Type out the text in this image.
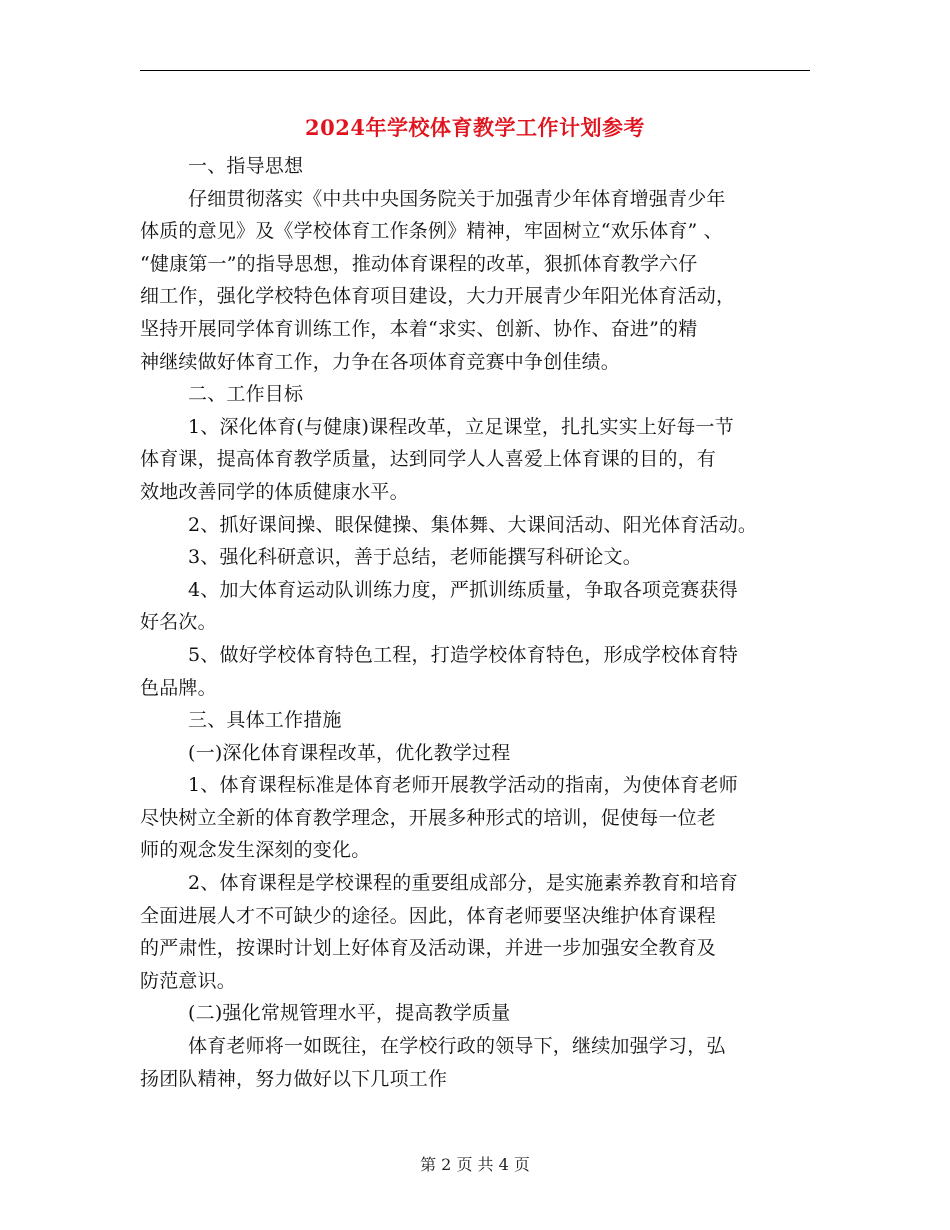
2024年学校体育教学工作计划参考
一、指导思想
仔细贯彻落实《中共中央国务院关于加强青少年体育增强青少年
体质的意见》及《学校体育工作条例》精神，牢固树立“欢乐体育” 、
“健康第一”的指导思想，推动体育课程的改革，狠抓体育教学六仔
细工作，强化学校特色体育项目建设，大力开展青少年阳光体育活动，
坚持开展同学体育训练工作，本着“求实、创新、协作、奋进”的精
神继续做好体育工作，力争在各项体育竞赛中争创佳绩。
二、工作目标
1、深化体育(与健康)课程改革，立足课堂，扎扎实实上好每一节
体育课，提高体育教学质量，达到同学人人喜爱上体育课的目的，有
效地改善同学的体质健康水平。
2、抓好课间操、眼保健操、集体舞、大课间活动、阳光体育活动。
3、强化科研意识，善于总结，老师能撰写科研论文。
4、加大体育运动队训练力度，严抓训练质量，争取各项竞赛获得
好名次。
5、做好学校体育特色工程，打造学校体育特色，形成学校体育特
色品牌。
三、具体工作措施
(一)深化体育课程改革，优化教学过程
1、体育课程标准是体育老师开展教学活动的指南，为使体育老师
尽快树立全新的体育教学理念，开展多种形式的培训，促使每一位老
师的观念发生深刻的变化。
2、体育课程是学校课程的重要组成部分，是实施素养教育和培育
全面进展人才不可缺少的途径。因此，体育老师要坚决维护体育课程
的严肃性，按课时计划上好体育及活动课，并进一步加强安全教育及
防范意识。
(二)强化常规管理水平，提高教学质量
体育老师将一如既往，在学校行政的领导下，继续加强学习，弘
扬团队精神，努力做好以下几项工作
第 2 页 共 4 页
